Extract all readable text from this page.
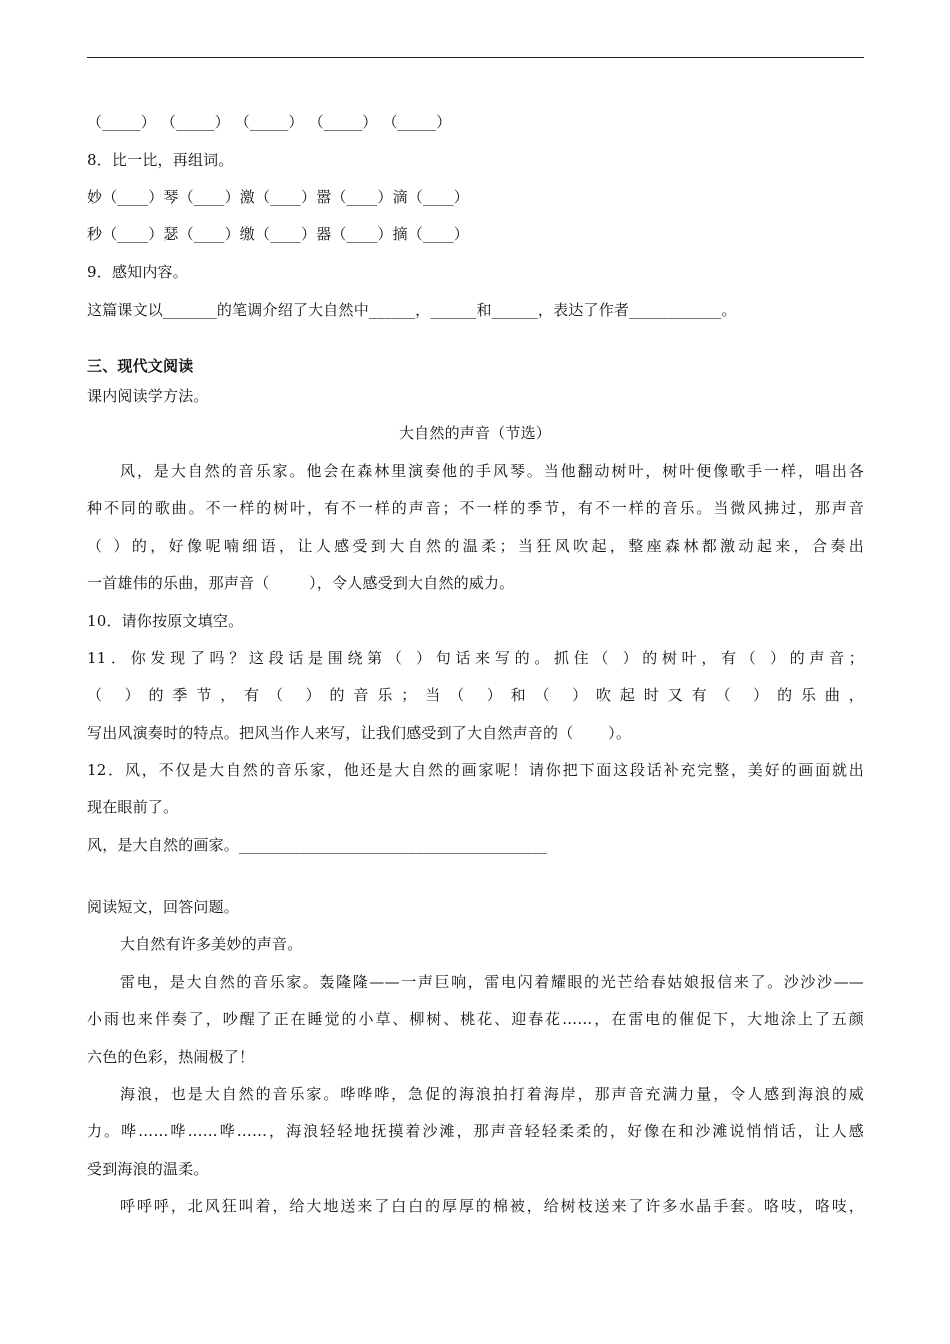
（_____） （_____） （_____） （_____） （_____）
8．比一比，再组词。
妙（____）琴（____）激（____）嚣（____）滴（____）
秒（____）瑟（____）缴（____）器（____）摘（____）
9．感知内容。
这篇课文以_______的笔调介绍了大自然中______，______和______，表达了作者____________。
三、现代文阅读
课内阅读学方法。
大自然的声音（节选）
风，是大自然的音乐家。他会在森林里演奏他的手风琴。当他翻动树叶，树叶便像歌手一样，唱出各
种不同的歌曲。不一样的树叶，有不一样的声音；不一样的季节，有不一样的音乐。当微风拂过，那声音
（ ）的，好像呢喃细语，让人感受到大自然的温柔；当狂风吹起，整座森林都激动起来，合奏出
一首雄伟的乐曲，那声音（        ），令人感受到大自然的威力。
10．请你按原文填空。
11．你发现了吗？这段话是围绕第（ ）句话来写的。抓住（ ）的树叶，有（ ）的声音；
（ ）的季节，有（ ）的音乐；当（ ）和（ ）吹起时又有（ ）的乐曲，
写出风演奏时的特点。把风当作人来写，让我们感受到了大自然声音的（       ）。
12．风，不仅是大自然的音乐家，他还是大自然的画家呢！请你把下面这段话补充完整，美好的画面就出
现在眼前了。
风，是大自然的画家。________________________________________
阅读短文，回答问题。
大自然有许多美妙的声音。
雷电，是大自然的音乐家。轰隆隆——一声巨响，雷电闪着耀眼的光芒给春姑娘报信来了。沙沙沙——
小雨也来伴奏了，吵醒了正在睡觉的小草、柳树、桃花、迎春花……，在雷电的催促下，大地涂上了五颜
六色的色彩，热闹极了！
海浪，也是大自然的音乐家。哗哗哗，急促的海浪拍打着海岸，那声音充满力量，令人感到海浪的威
力。哗……哗……哗……，海浪轻轻地抚摸着沙滩，那声音轻轻柔柔的，好像在和沙滩说悄悄话，让人感
受到海浪的温柔。
呼呼呼，北风狂叫着，给大地送来了白白的厚厚的棉被，给树枝送来了许多水晶手套。咯吱，咯吱，
